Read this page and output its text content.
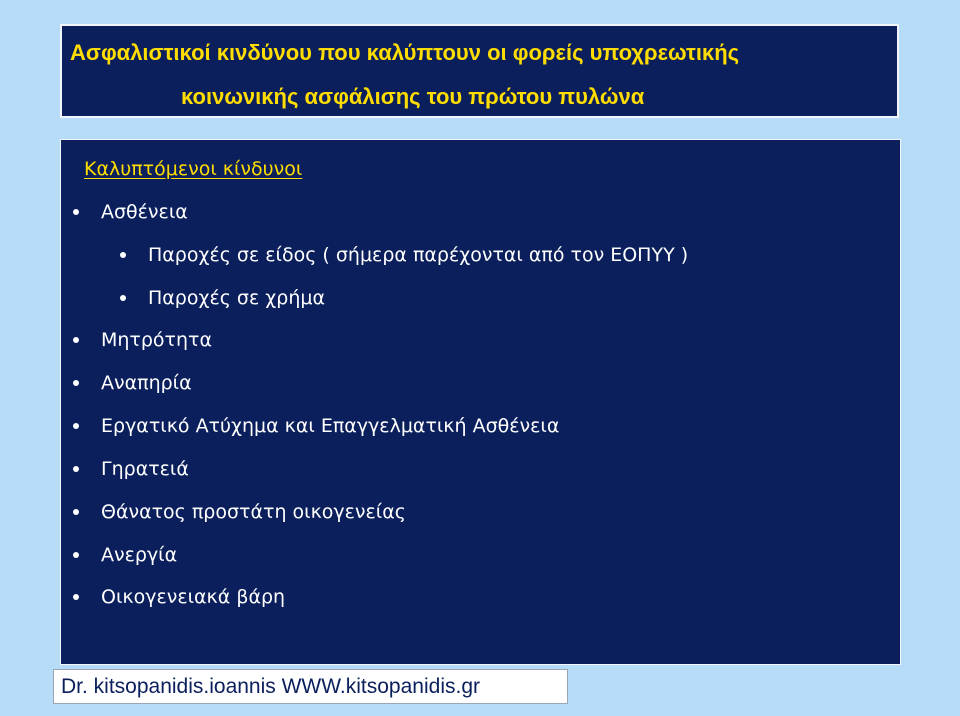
Ασφαλιστικοί κινδύνου που καλύπτουν οι φορείς υποχρεωτικής
κοινωνικής ασφάλισης του πρώτου πυλώνα
Καλυπτόμενοι κίνδυνοι
Ασθένεια
Παροχές σε είδος ( σήμερα παρέχονται από τον ΕΟΠΥΥ )
Παροχές σε χρήμα
Μητρότητα
Αναπηρία
Εργατικό Ατύχημα και Επαγγελματική Ασθένεια
Γηρατειά
Θάνατος προστάτη οικογενείας
Ανεργία
Οικογενειακά βάρη
Dr. kitsopanidis.ioannis WWW.kitsopanidis.gr
